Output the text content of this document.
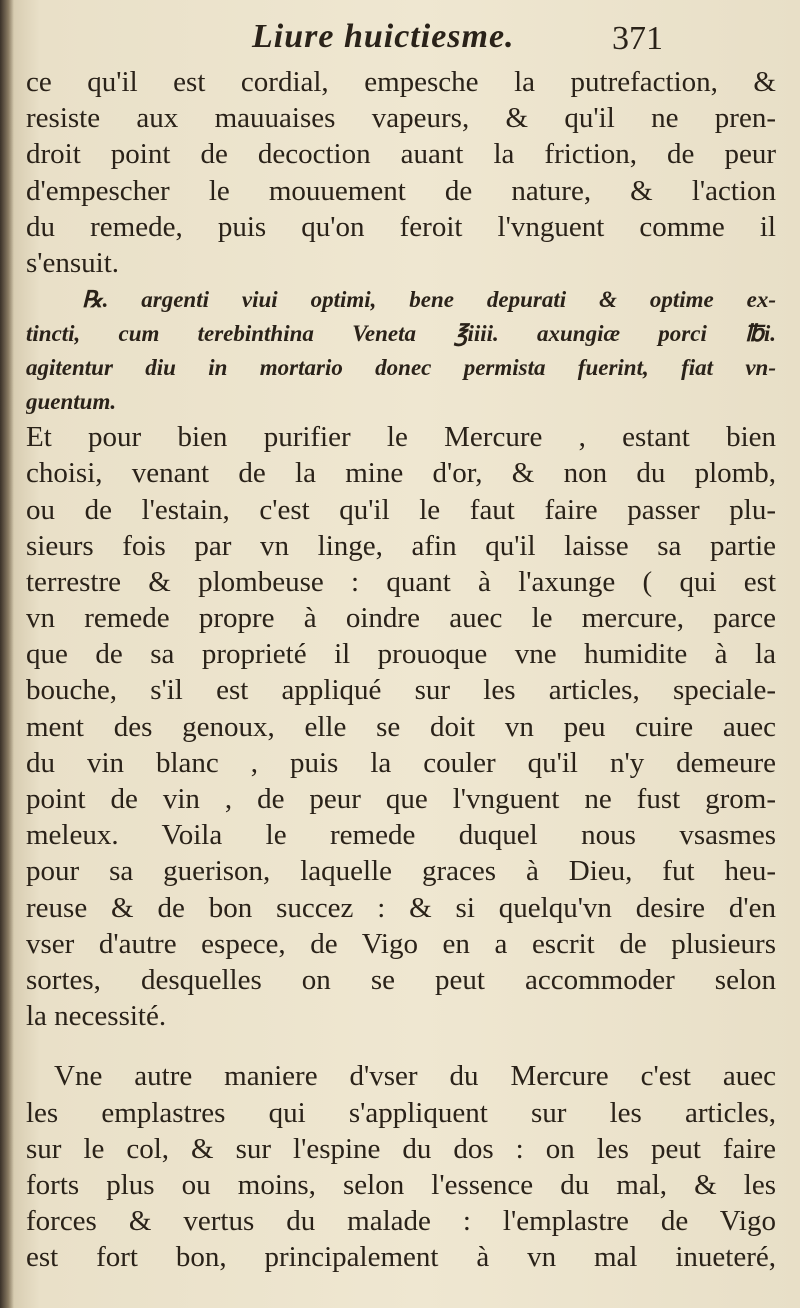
Liure huictiesme.	371
ce qu'il est cordial, empesche la putrefaction, &
resiste aux mauuaises vapeurs, & qu'il ne pren-
droit point de decoction auant la friction, de peur
d'empescher le mouuement de nature, & l'action
du remede, puis qu'on feroit l'vnguent comme il
s'ensuit.
℞. argenti viui optimi, bene depurati & optime ex-
tincti, cum terebinthina Veneta ℥iiii. axungiæ porci ℔i.
agitentur diu in mortario donec permista fuerint, fiat vn-
guentum.
Et pour bien purifier le Mercure , estant bien
choisi, venant de la mine d'or, & non du plomb,
ou de l'estain, c'est qu'il le faut faire passer plu-
sieurs fois par vn linge, afin qu'il laisse sa partie
terrestre & plombeuse : quant à l'axunge ( qui est
vn remede propre à oindre auec le mercure, parce
que de sa proprieté il prouoque vne humidite à la
bouche, s'il est appliqué sur les articles, speciale-
ment des genoux, elle se doit vn peu cuire auec
du vin blanc , puis la couler qu'il n'y demeure
point de vin , de peur que l'vnguent ne fust grom-
meleux. Voila le remede duquel nous vsasmes
pour sa guerison, laquelle graces à Dieu, fut heu-
reuse & de bon succez : & si quelqu'vn desire d'en
vser d'autre espece, de Vigo en a escrit de plusieurs
sortes, desquelles on se peut accommoder selon
la necessité.
Vne autre maniere d'vser du Mercure c'est auec
les emplastres qui s'appliquent sur les articles,
sur le col, & sur l'espine du dos : on les peut faire
forts plus ou moins, selon l'essence du mal, & les
forces & vertus du malade : l'emplastre de Vigo
est fort bon, principalement à vn mal inueteré,
